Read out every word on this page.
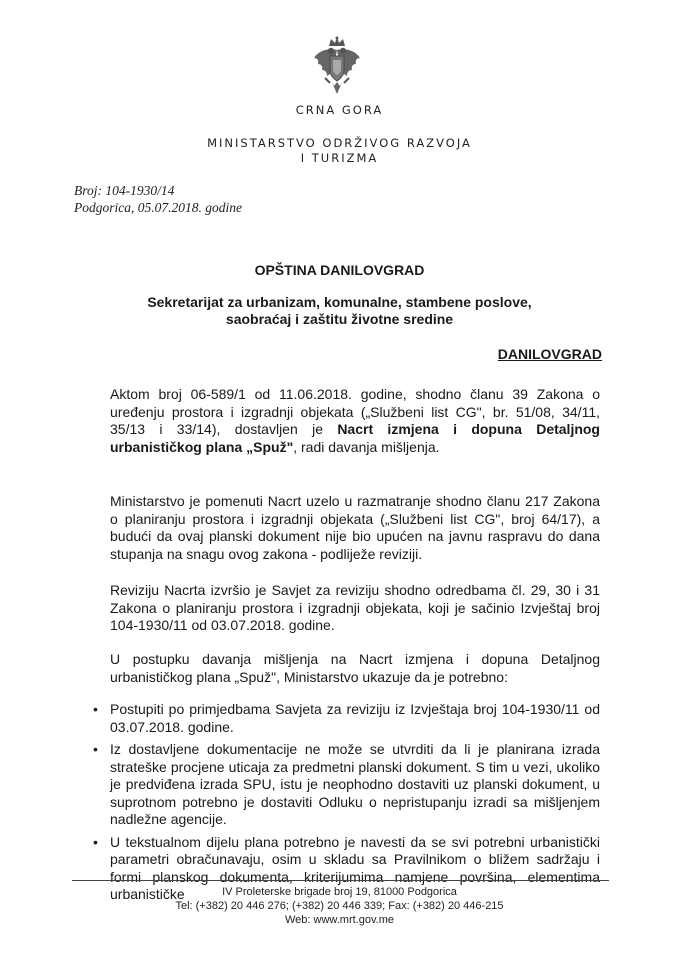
CRNA GORA
MINISTARSTVO ODRŽIVOG RAZVOJA
I TURIZMA
Broj: 104-1930/14
Podgorica, 05.07.2018. godine
OPŠTINA DANILOVGRAD
Sekretarijat za urbanizam, komunalne, stambene poslove,
saobraćaj i zaštitu životne sredine
DANILOVGRAD
Aktom broj 06-589/1 od 11.06.2018. godine, shodno članu 39 Zakona o uređenju prostora i izgradnji objekata („Službeni list CG", br. 51/08, 34/11, 35/13 i 33/14), dostavljen je Nacrt izmjena i dopuna Detaljnog urbanističkog plana „Spuž", radi davanja mišljenja.
Ministarstvo je pomenuti Nacrt uzelo u razmatranje shodno članu 217 Zakona o planiranju prostora i izgradnji objekata („Službeni list CG", broj 64/17), a budući da ovaj planski dokument nije bio upućen na javnu raspravu do dana stupanja na snagu ovog zakona - podliježe reviziji.
Reviziju Nacrta izvršio je Savjet za reviziju shodno odredbama čl. 29, 30 i 31 Zakona o planiranju prostora i izgradnji objekata, koji je sačinio Izvještaj broj 104-1930/11 od 03.07.2018. godine.
U postupku davanja mišljenja na Nacrt izmjena i dopuna Detaljnog urbanističkog plana „Spuž", Ministarstvo ukazuje da je potrebno:
• Postupiti po primjedbama Savjeta za reviziju iz Izvještaja broj 104-1930/11 od 03.07.2018. godine.
• Iz dostavljene dokumentacije ne može se utvrditi da li je planirana izrada strateške procjene uticaja za predmetni planski dokument. S tim u vezi, ukoliko je predviđena izrada SPU, istu je neophodno dostaviti uz planski dokument, u suprotnom potrebno je dostaviti Odluku o nepristupanju izradi sa mišljenjem nadležne agencije.
• U tekstualnom dijelu plana potrebno je navesti da se svi potrebni urbanistički parametri obračunavaju, osim u skladu sa Pravilnikom o bližem sadržaju i formi planskog dokumenta, kriterijumima namjene površina, elementima urbanističke	IV Proleterske brigade broj 19, 81000 Podgorica
Tel: (+382) 20 446 276; (+382) 20 446 339; Fax: (+382) 20 446-215
Web: www.mrt.gov.me
